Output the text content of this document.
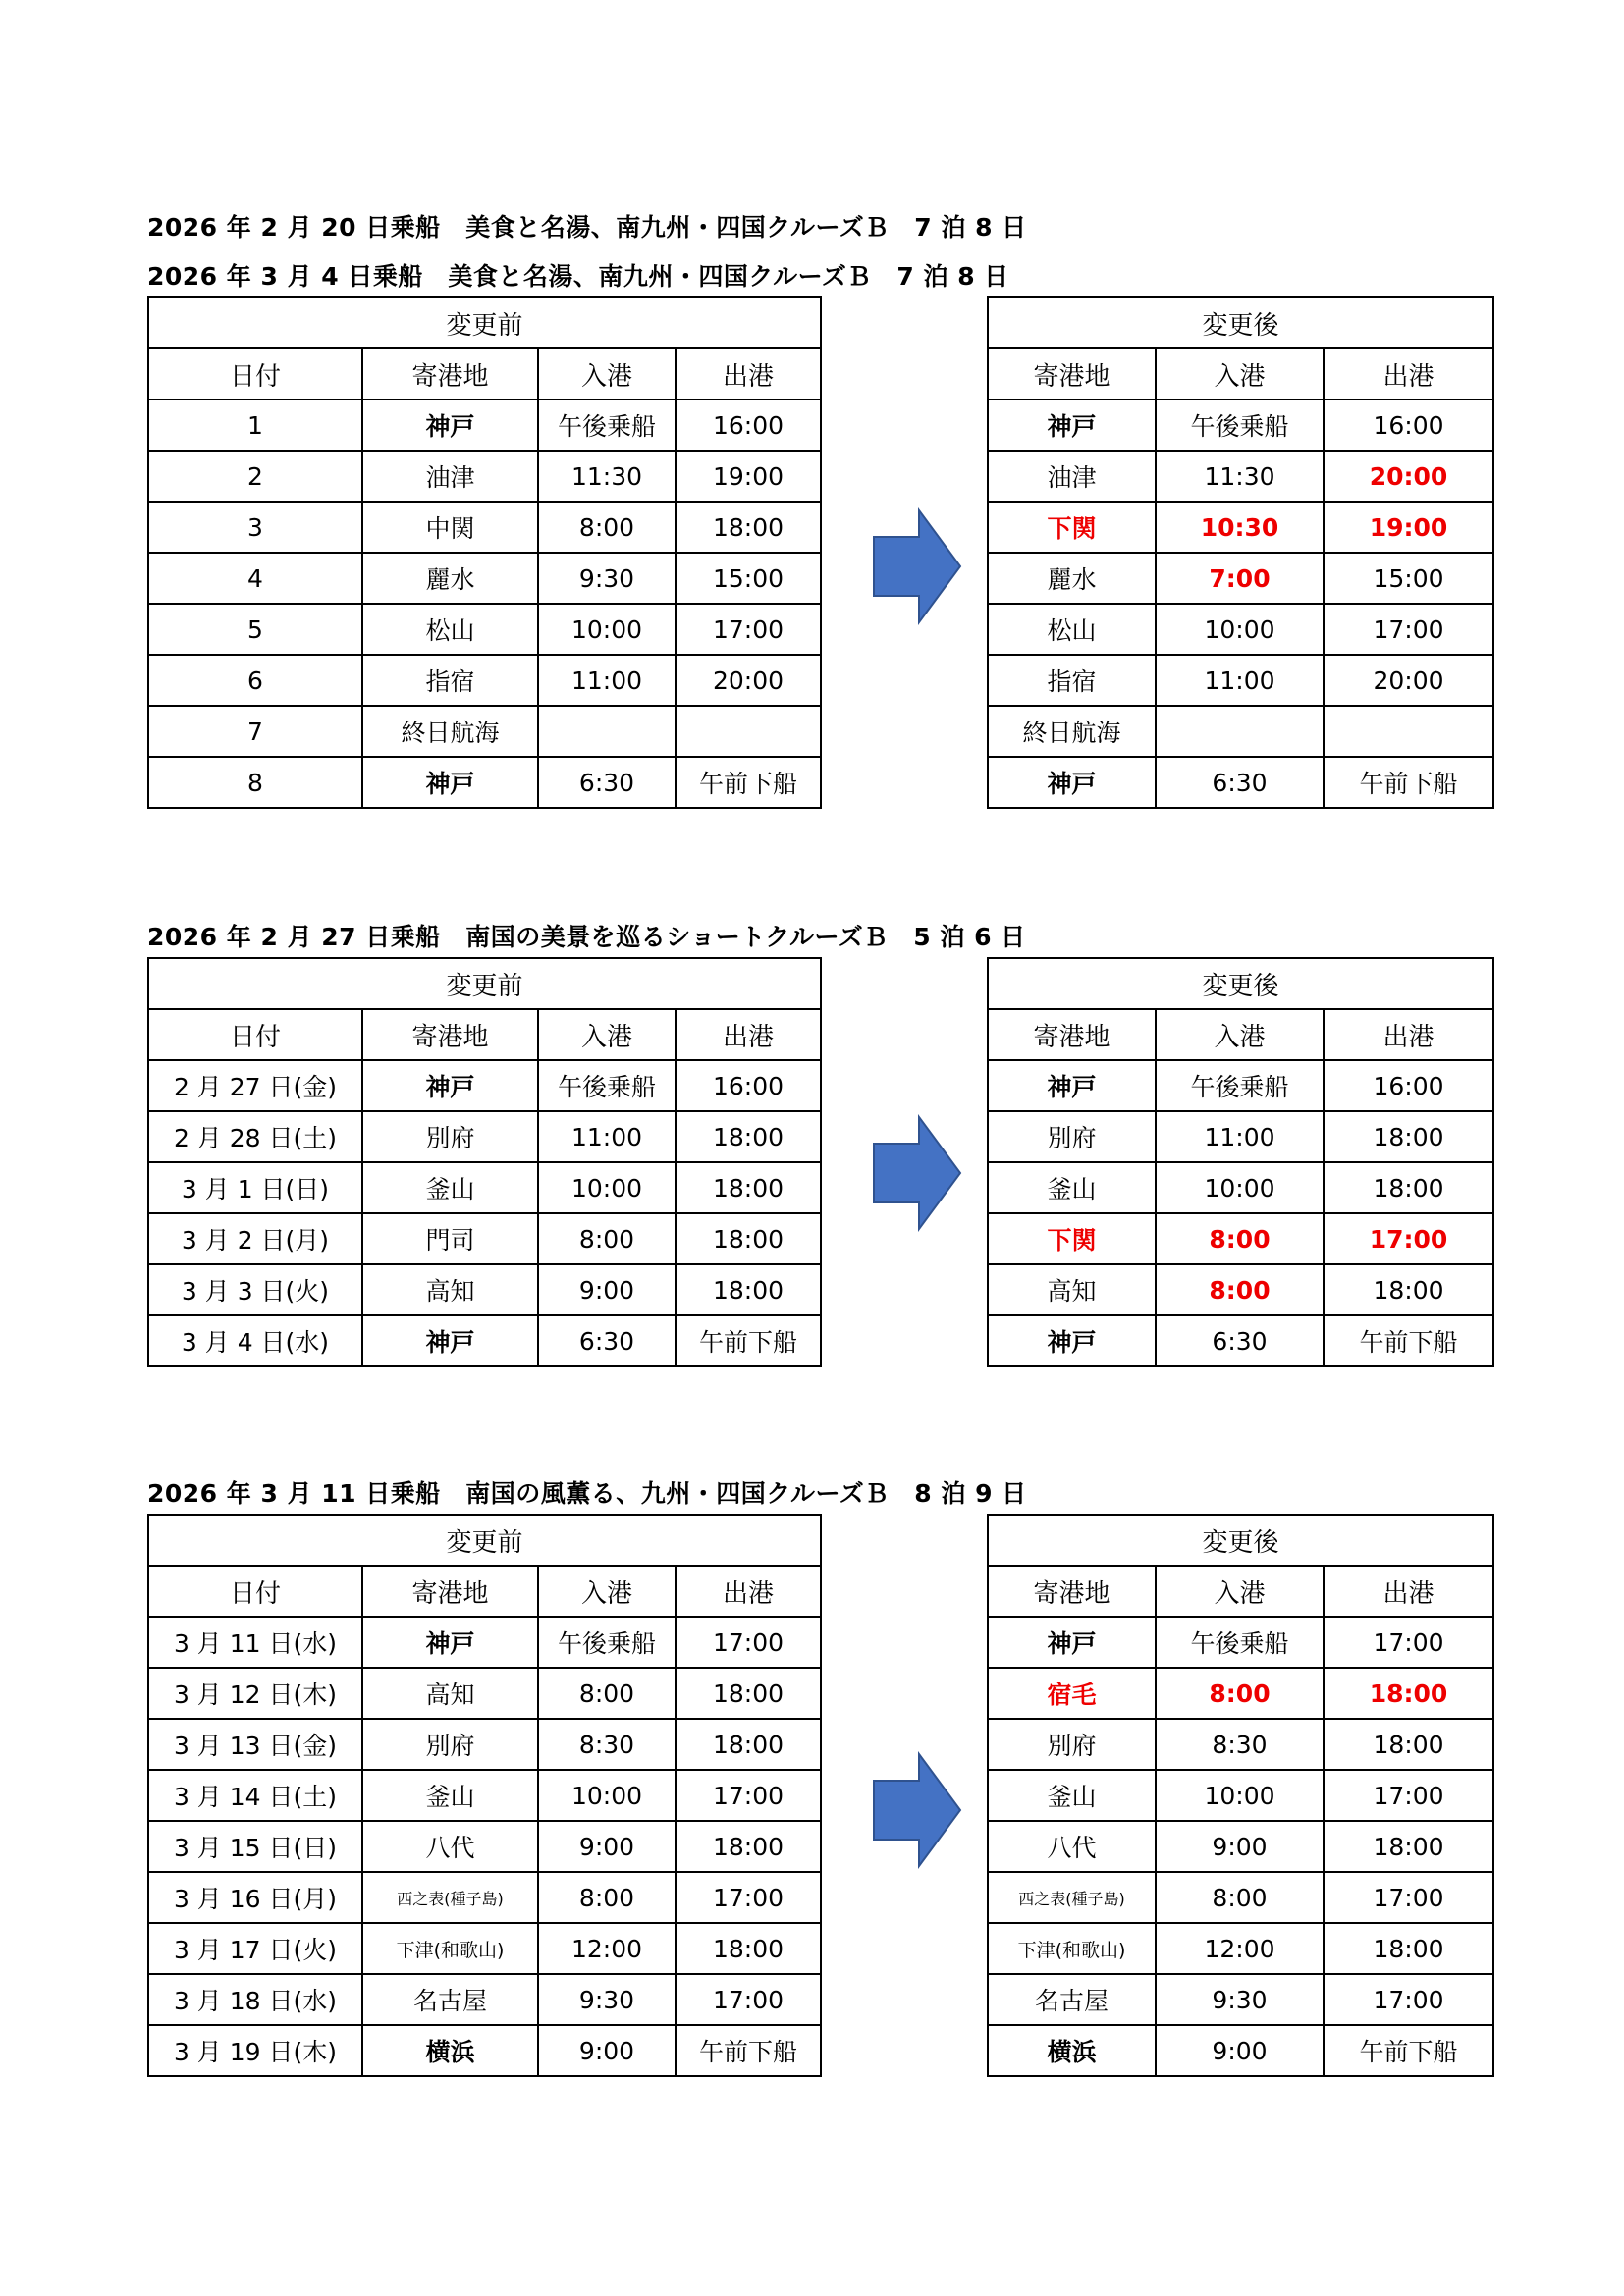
2026 年 2 月 20 日乗船　美食と名湯、南九州・四国クルーズＢ　7 泊 8 日
2026 年 3 月 4 日乗船　美食と名湯、南九州・四国クルーズＢ　7 泊 8 日
変更前			
日付	寄港地	入港	出港
1	神戸	午後乗船	16:00
2	油津	11:30	19:00
3	中関	8:00	18:00
4	麗水	9:30	15:00
5	松山	10:00	17:00
6	指宿	11:00	20:00
7	終日航海		
8	神戸	6:30	午前下船
変更後		
寄港地	入港	出港
神戸	午後乗船	16:00
油津	11:30	20:00
下関	10:30	19:00
麗水	7:00	15:00
松山	10:00	17:00
指宿	11:00	20:00
終日航海		
神戸	6:30	午前下船
2026 年 2 月 27 日乗船　南国の美景を巡るショートクルーズＢ　5 泊 6 日
変更前			
日付	寄港地	入港	出港
2 月 27 日(金)	神戸	午後乗船	16:00
2 月 28 日(土)	別府	11:00	18:00
3 月 1 日(日)	釜山	10:00	18:00
3 月 2 日(月)	門司	8:00	18:00
3 月 3 日(火)	高知	9:00	18:00
3 月 4 日(水)	神戸	6:30	午前下船
変更後		
寄港地	入港	出港
神戸	午後乗船	16:00
別府	11:00	18:00
釜山	10:00	18:00
下関	8:00	17:00
高知	8:00	18:00
神戸	6:30	午前下船
2026 年 3 月 11 日乗船　南国の風薫る、九州・四国クルーズＢ　8 泊 9 日
変更前			
日付	寄港地	入港	出港
3 月 11 日(水)	神戸	午後乗船	17:00
3 月 12 日(木)	高知	8:00	18:00
3 月 13 日(金)	別府	8:30	18:00
3 月 14 日(土)	釜山	10:00	17:00
3 月 15 日(日)	八代	9:00	18:00
3 月 16 日(月)	西之表(種子島)	8:00	17:00
3 月 17 日(火)	下津(和歌山)	12:00	18:00
3 月 18 日(水)	名古屋	9:30	17:00
3 月 19 日(木)	横浜	9:00	午前下船
変更後		
寄港地	入港	出港
神戸	午後乗船	17:00
宿毛	8:00	18:00
別府	8:30	18:00
釜山	10:00	17:00
八代	9:00	18:00
西之表(種子島)	8:00	17:00
下津(和歌山)	12:00	18:00
名古屋	9:30	17:00
横浜	9:00	午前下船
